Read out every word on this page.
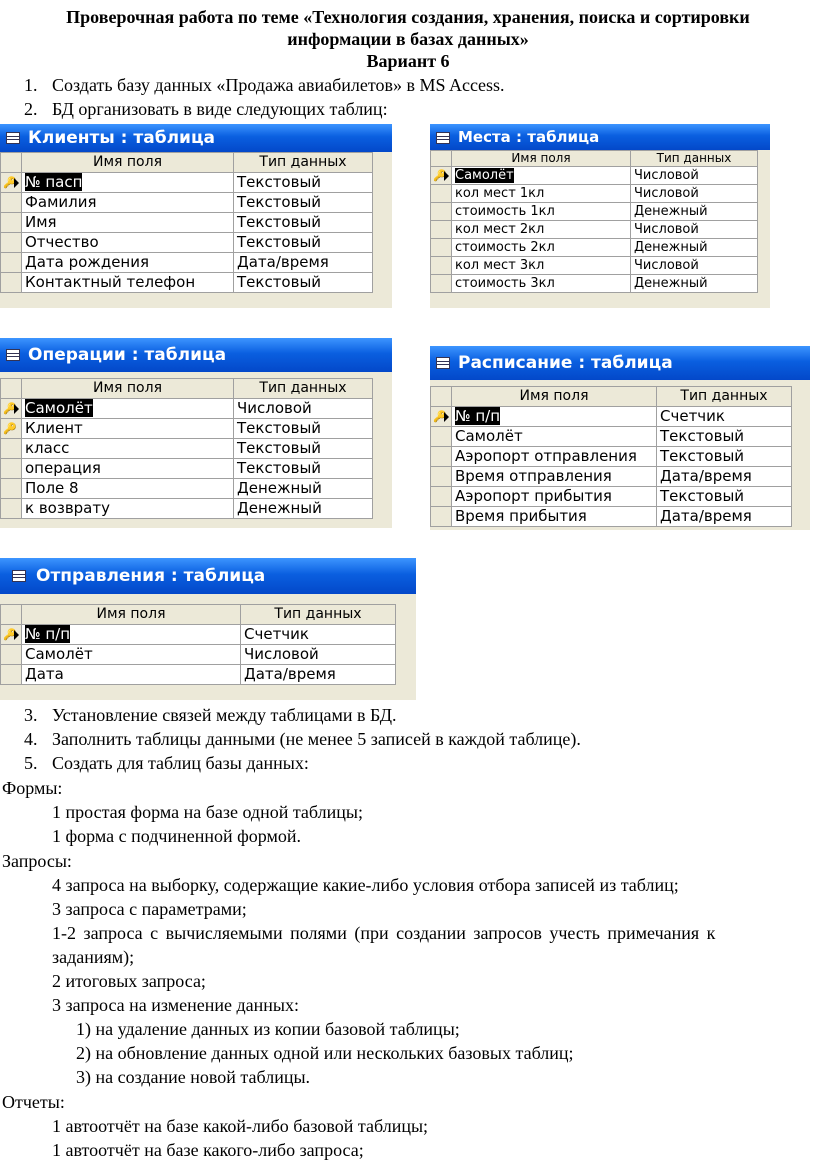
Проверочная работа по теме «Технология создания, хранения, поиска и сортировки
информации в базах данных»
Вариант 6
1. Создать базу данных «Продажа авиабилетов» в MS Access.
2. БД организовать в виде следующих таблиц:
Клиенты : таблица
	Имя поля	Тип данных

🔑	№ пасп	Текстовый
	Фамилия	Текстовый
	Имя	Текстовый
	Отчество	Текстовый
	Дата рождения	Дата/время
	Контактный телефон	Текстовый
Места : таблица
	Имя поля	Тип данных

🔑	Самолёт	Числовой
	кол мест 1кл	Числовой
	стоимость 1кл	Денежный
	кол мест 2кл	Числовой
	стоимость 2кл	Денежный
	кол мест 3кл	Числовой
	стоимость 3кл	Денежный
Операции : таблица
	Имя поля	Тип данных

🔑	Самолёт	Числовой

🔑	Клиент	Текстовый
	класс	Текстовый
	операция	Текстовый
	Поле 8	Денежный
	к возврату	Денежный
Расписание : таблица
	Имя поля	Тип данных

🔑	№ п/п	Счетчик
	Самолёт	Текстовый
	Аэропорт отправления	Текстовый
	Время отправления	Дата/время
	Аэропорт прибытия	Текстовый
	Время прибытия	Дата/время
Отправления : таблица
	Имя поля	Тип данных

🔑	№ п/п	Счетчик
	Самолёт	Числовой
	Дата	Дата/время
3. Установление связей между таблицами в БД.
4. Заполнить таблицы данными (не менее 5 записей в каждой таблице).
5. Создать для таблиц базы данных:
Формы:
1 простая форма на базе одной таблицы;
1 форма с подчиненной формой.
Запросы:
4 запроса на выборку, содержащие какие-либо условия отбора записей из таблиц;
3 запроса с параметрами;
1-2 запроса с вычисляемыми полями (при создании запросов учесть примечания к
заданиям);
2 итоговых запроса;
3 запроса на изменение данных:
1) на удаление данных из копии базовой таблицы;
2) на обновление данных одной или нескольких базовых таблиц;
3) на создание новой таблицы.
Отчеты:
1 автоотчёт на базе какой-либо базовой таблицы;
1 автоотчёт на базе какого-либо запроса;
